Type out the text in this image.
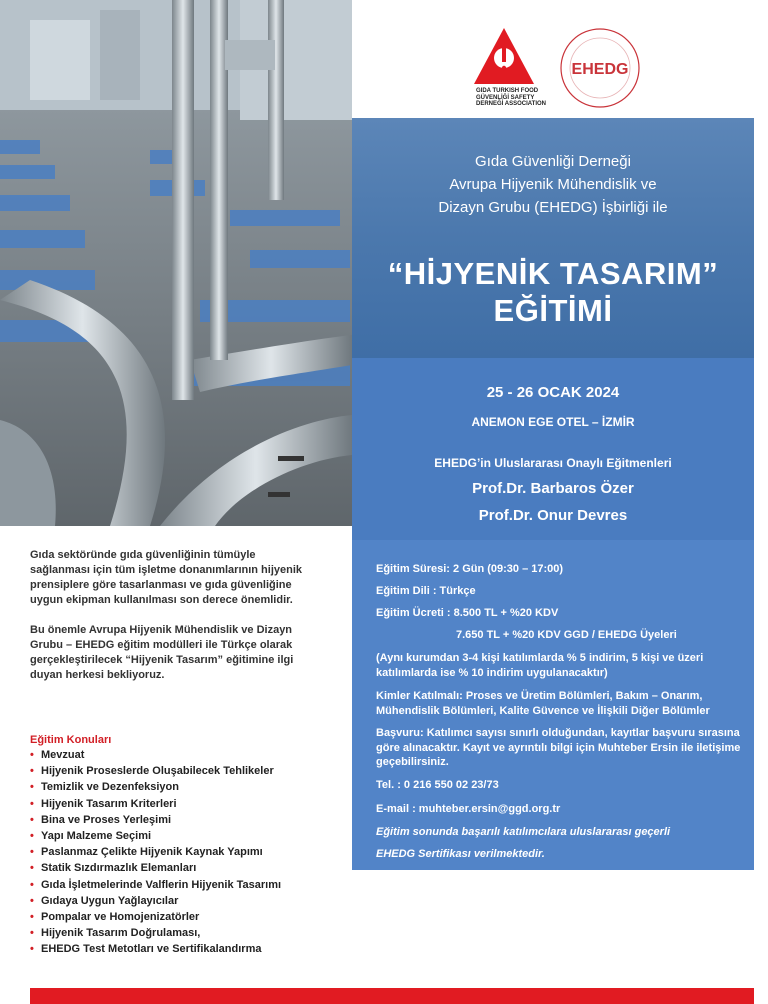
GIDA TURKISH FOOD GÜVENLİĞİ SAFETY DERNEĞİ ASSOCIATION
EHEDG
Gıda Güvenliği Derneği
Avrupa Hijyenik Mühendislik ve
Dizayn Grubu (EHEDG) İşbirliği ile
“HİJYENİK TASARIM”
EĞİTİMİ
25 - 26 OCAK 2024
ANEMON EGE OTEL – İZMİR
EHEDG’in Uluslararası Onaylı Eğitmenleri
Prof.Dr. Barbaros Özer
Prof.Dr. Onur Devres
Eğitim Süresi: 2 Gün (09:30 – 17:00)
Eğitim Dili : Türkçe
Eğitim Ücreti : 8.500 TL + %20 KDV
7.650 TL + %20 KDV GGD / EHEDG Üyeleri
(Aynı kurumdan 3-4 kişi katılımlarda % 5 indirim, 5 kişi ve üzeri katılımlarda ise % 10 indirim uygulanacaktır)
Kimler Katılmalı: Proses ve Üretim Bölümleri, Bakım – Onarım, Mühendislik Bölümleri, Kalite Güvence ve İlişkili Diğer Bölümler
Başvuru: Katılımcı sayısı sınırlı olduğundan, kayıtlar başvuru sırasına göre alınacaktır. Kayıt ve ayrıntılı bilgi için Muhteber Ersin ile iletişime geçebilirsiniz.
Tel. : 0 216 550 02 23/73
E-mail : muhteber.ersin@ggd.org.tr
Eğitim sonunda başarılı katılımcılara uluslararası geçerli
EHEDG Sertifikası verilmektedir.

Gıda sektöründe gıda güvenliğinin tümüyle sağlanması için tüm işletme donanımlarının hijyenik prensiplere göre tasarlanması ve gıda güvenliğine uygun ekipman kullanılması son derece önemlidir.

Bu önemle Avrupa Hijyenik Mühendislik ve Dizayn Grubu – EHEDG eğitim modülleri ile Türkçe olarak gerçekleştirilecek “Hijyenik Tasarım” eğitimine ilgi duyan herkesi bekliyoruz.

Eğitim Konuları
• Mevzuat
• Hijyenik Proseslerde Oluşabilecek Tehlikeler
• Temizlik ve Dezenfeksiyon
• Hijyenik Tasarım Kriterleri
• Bina ve Proses Yerleşimi
• Yapı Malzeme Seçimi
• Paslanmaz Çelikte Hijyenik Kaynak Yapımı
• Statik Sızdırmazlık Elemanları
• Gıda İşletmelerinde Valflerin Hijyenik Tasarımı
• Gıdaya Uygun Yağlayıcılar
• Pompalar ve Homojenizatörler
• Hijyenik Tasarım Doğrulaması,
• EHEDG Test Metotları ve Sertifikalandırma
